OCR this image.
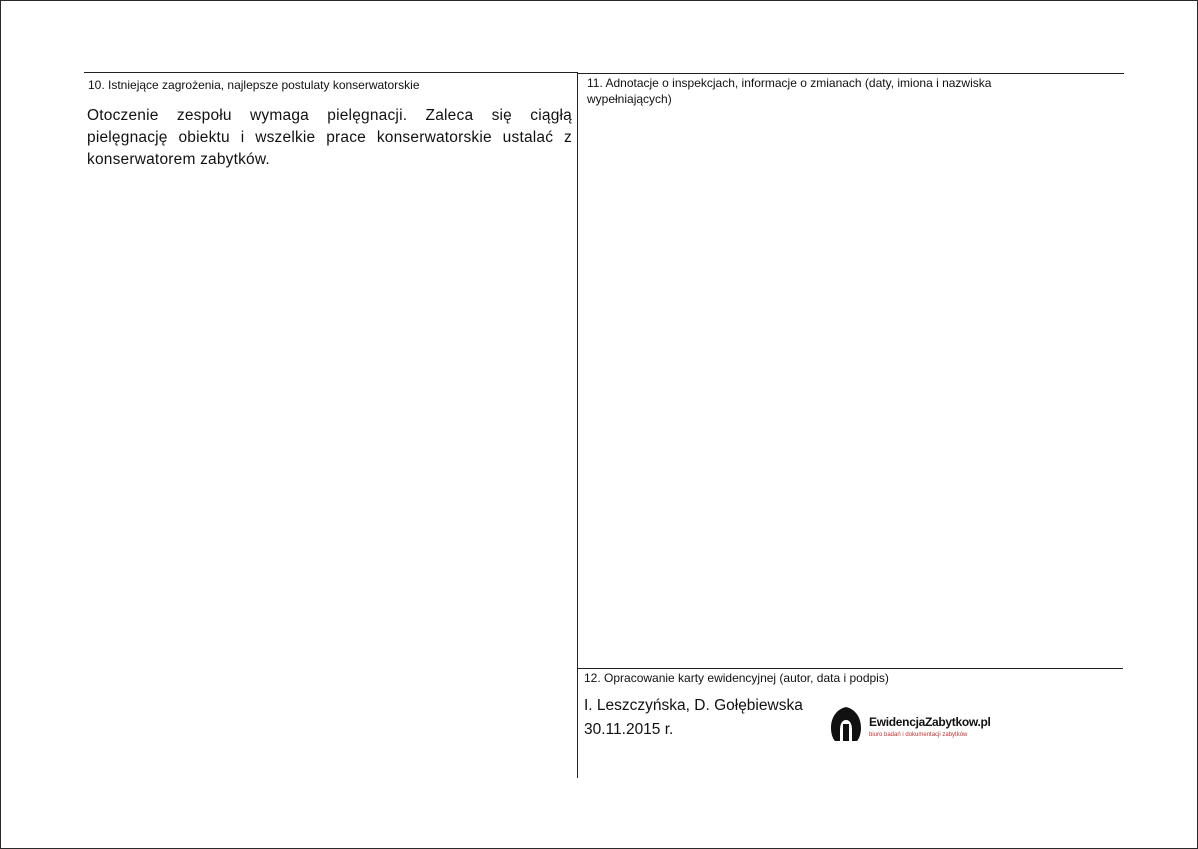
10. Istniejące zagrożenia, najlepsze postulaty konserwatorskie
Otoczenie zespołu wymaga pielęgnacji. Zaleca się ciągłą pielęgnację obiektu i wszelkie prace konserwatorskie ustalać z konserwatorem zabytków.
11. Adnotacje o inspekcjach, informacje o zmianach (daty, imiona i nazwiska wypełniających)
12. Opracowanie karty ewidencyjnej (autor, data i podpis)
I. Leszczyńska, D. Gołębiewska
30.11.2015 r.	EwidencjaZabytkow.pl
biuro badań i dokumentacji zabytków
